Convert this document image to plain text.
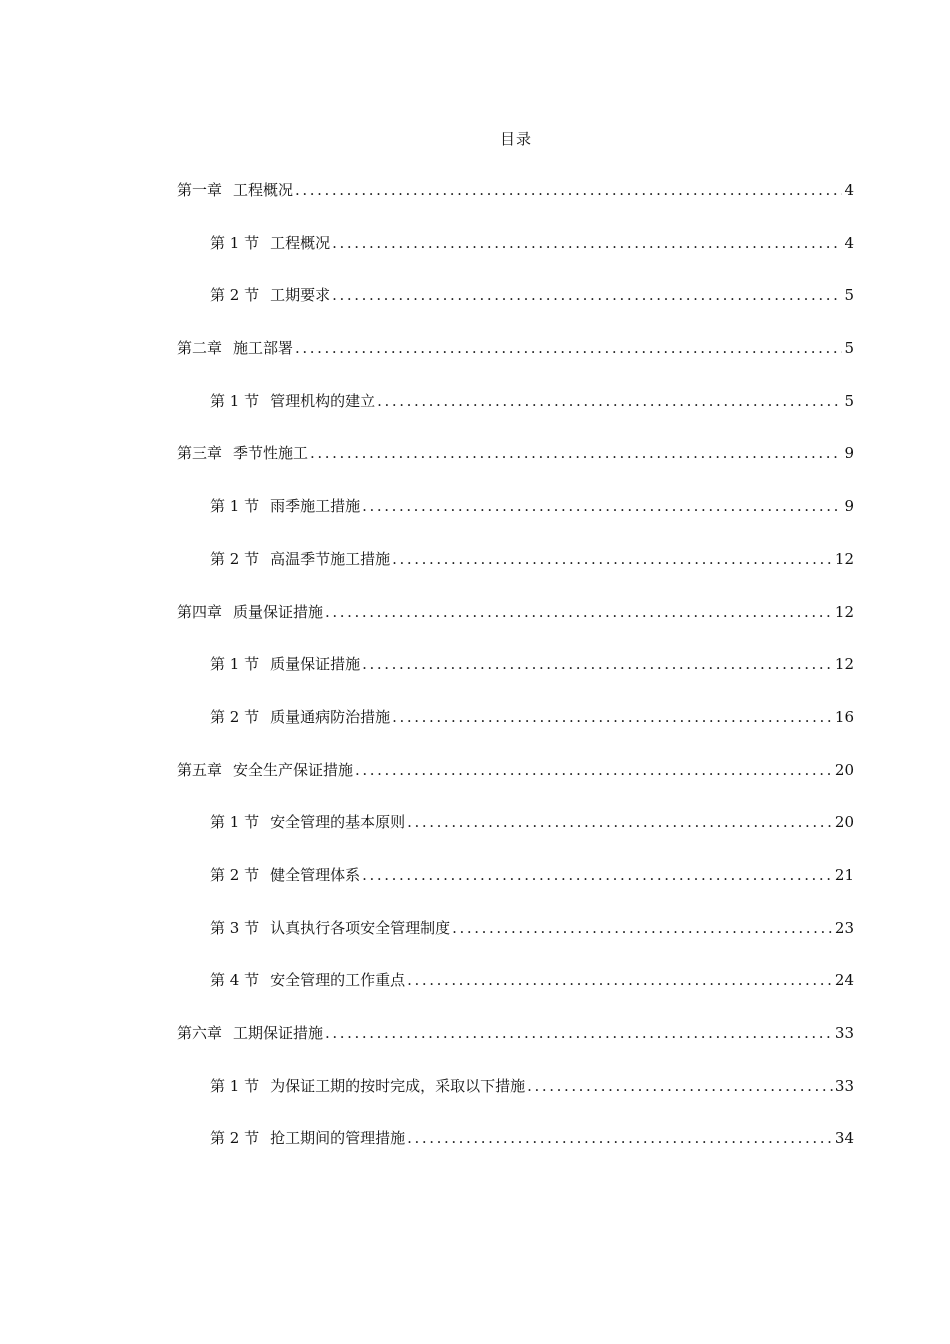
目录
第一章 工程概况 .....	4
第 1 节 工程概况 .....	4
第 2 节 工期要求 .....	5
第二章 施工部署 .....	5
第 1 节 管理机构的建立 .....	5
第三章 季节性施工 .....	9
第 1 节 雨季施工措施 .....	9
第 2 节 高温季节施工措施 .....	12
第四章 质量保证措施 .....	12
第 1 节 质量保证措施 .....	12
第 2 节 质量通病防治措施 .....	16
第五章 安全生产保证措施 .....	20
第 1 节 安全管理的基本原则 .....	20
第 2 节 健全管理体系 .....	21
第 3 节 认真执行各项安全管理制度 .....	23
第 4 节 安全管理的工作重点 .....	24
第六章 工期保证措施 .....	33
第 1 节 为保证工期的按时完成，采取以下措施 .....	33
第 2 节 抢工期间的管理措施 .....	34
